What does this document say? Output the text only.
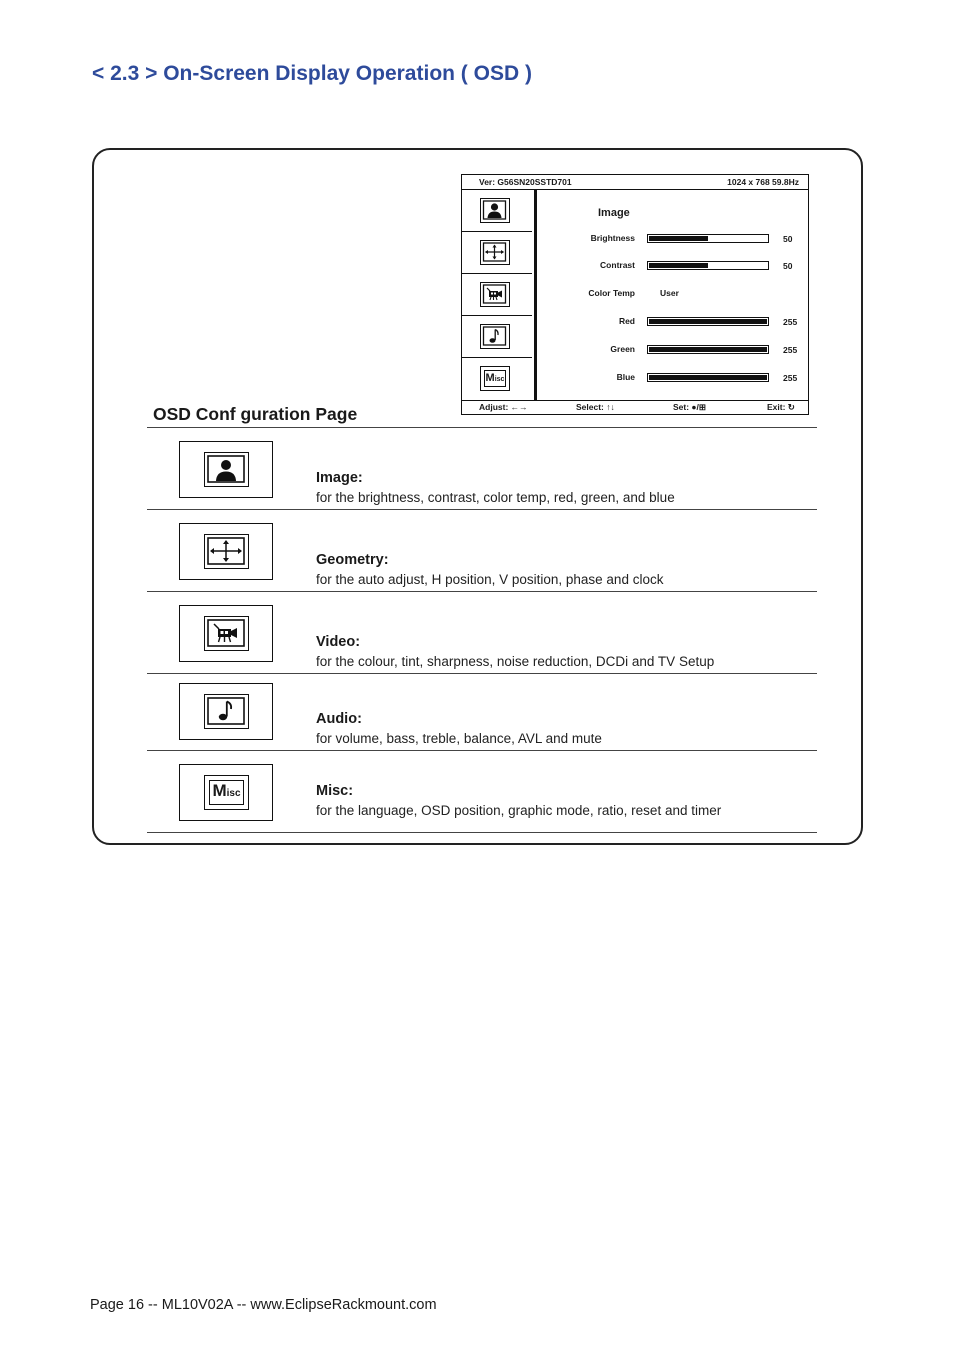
< 2.3 > On-Screen Display Operation ( OSD )
Ver: G56SN20SSTD701	1024 x 768 59.8Hz
Misc
Image
Brightness	50
Contrast	50
Color Temp	User
Red	255
Green	255
Blue	255
Adjust: ←→	Select: ↑↓	Set: ●/⊞	Exit: ↻
OSD Conf guration Page
Image:
for the brightness, contrast, color temp, red, green, and blue
Geometry:
for the auto adjust, H position, V position, phase and clock
Video:
for the colour, tint, sharpness, noise reduction, DCDi and TV Setup
Audio:
for volume, bass, treble, balance, AVL and mute
Misc	Misc:
for the language, OSD position, graphic mode, ratio, reset and timer
Page 16 -- ML10V02A -- www.EclipseRackmount.com
